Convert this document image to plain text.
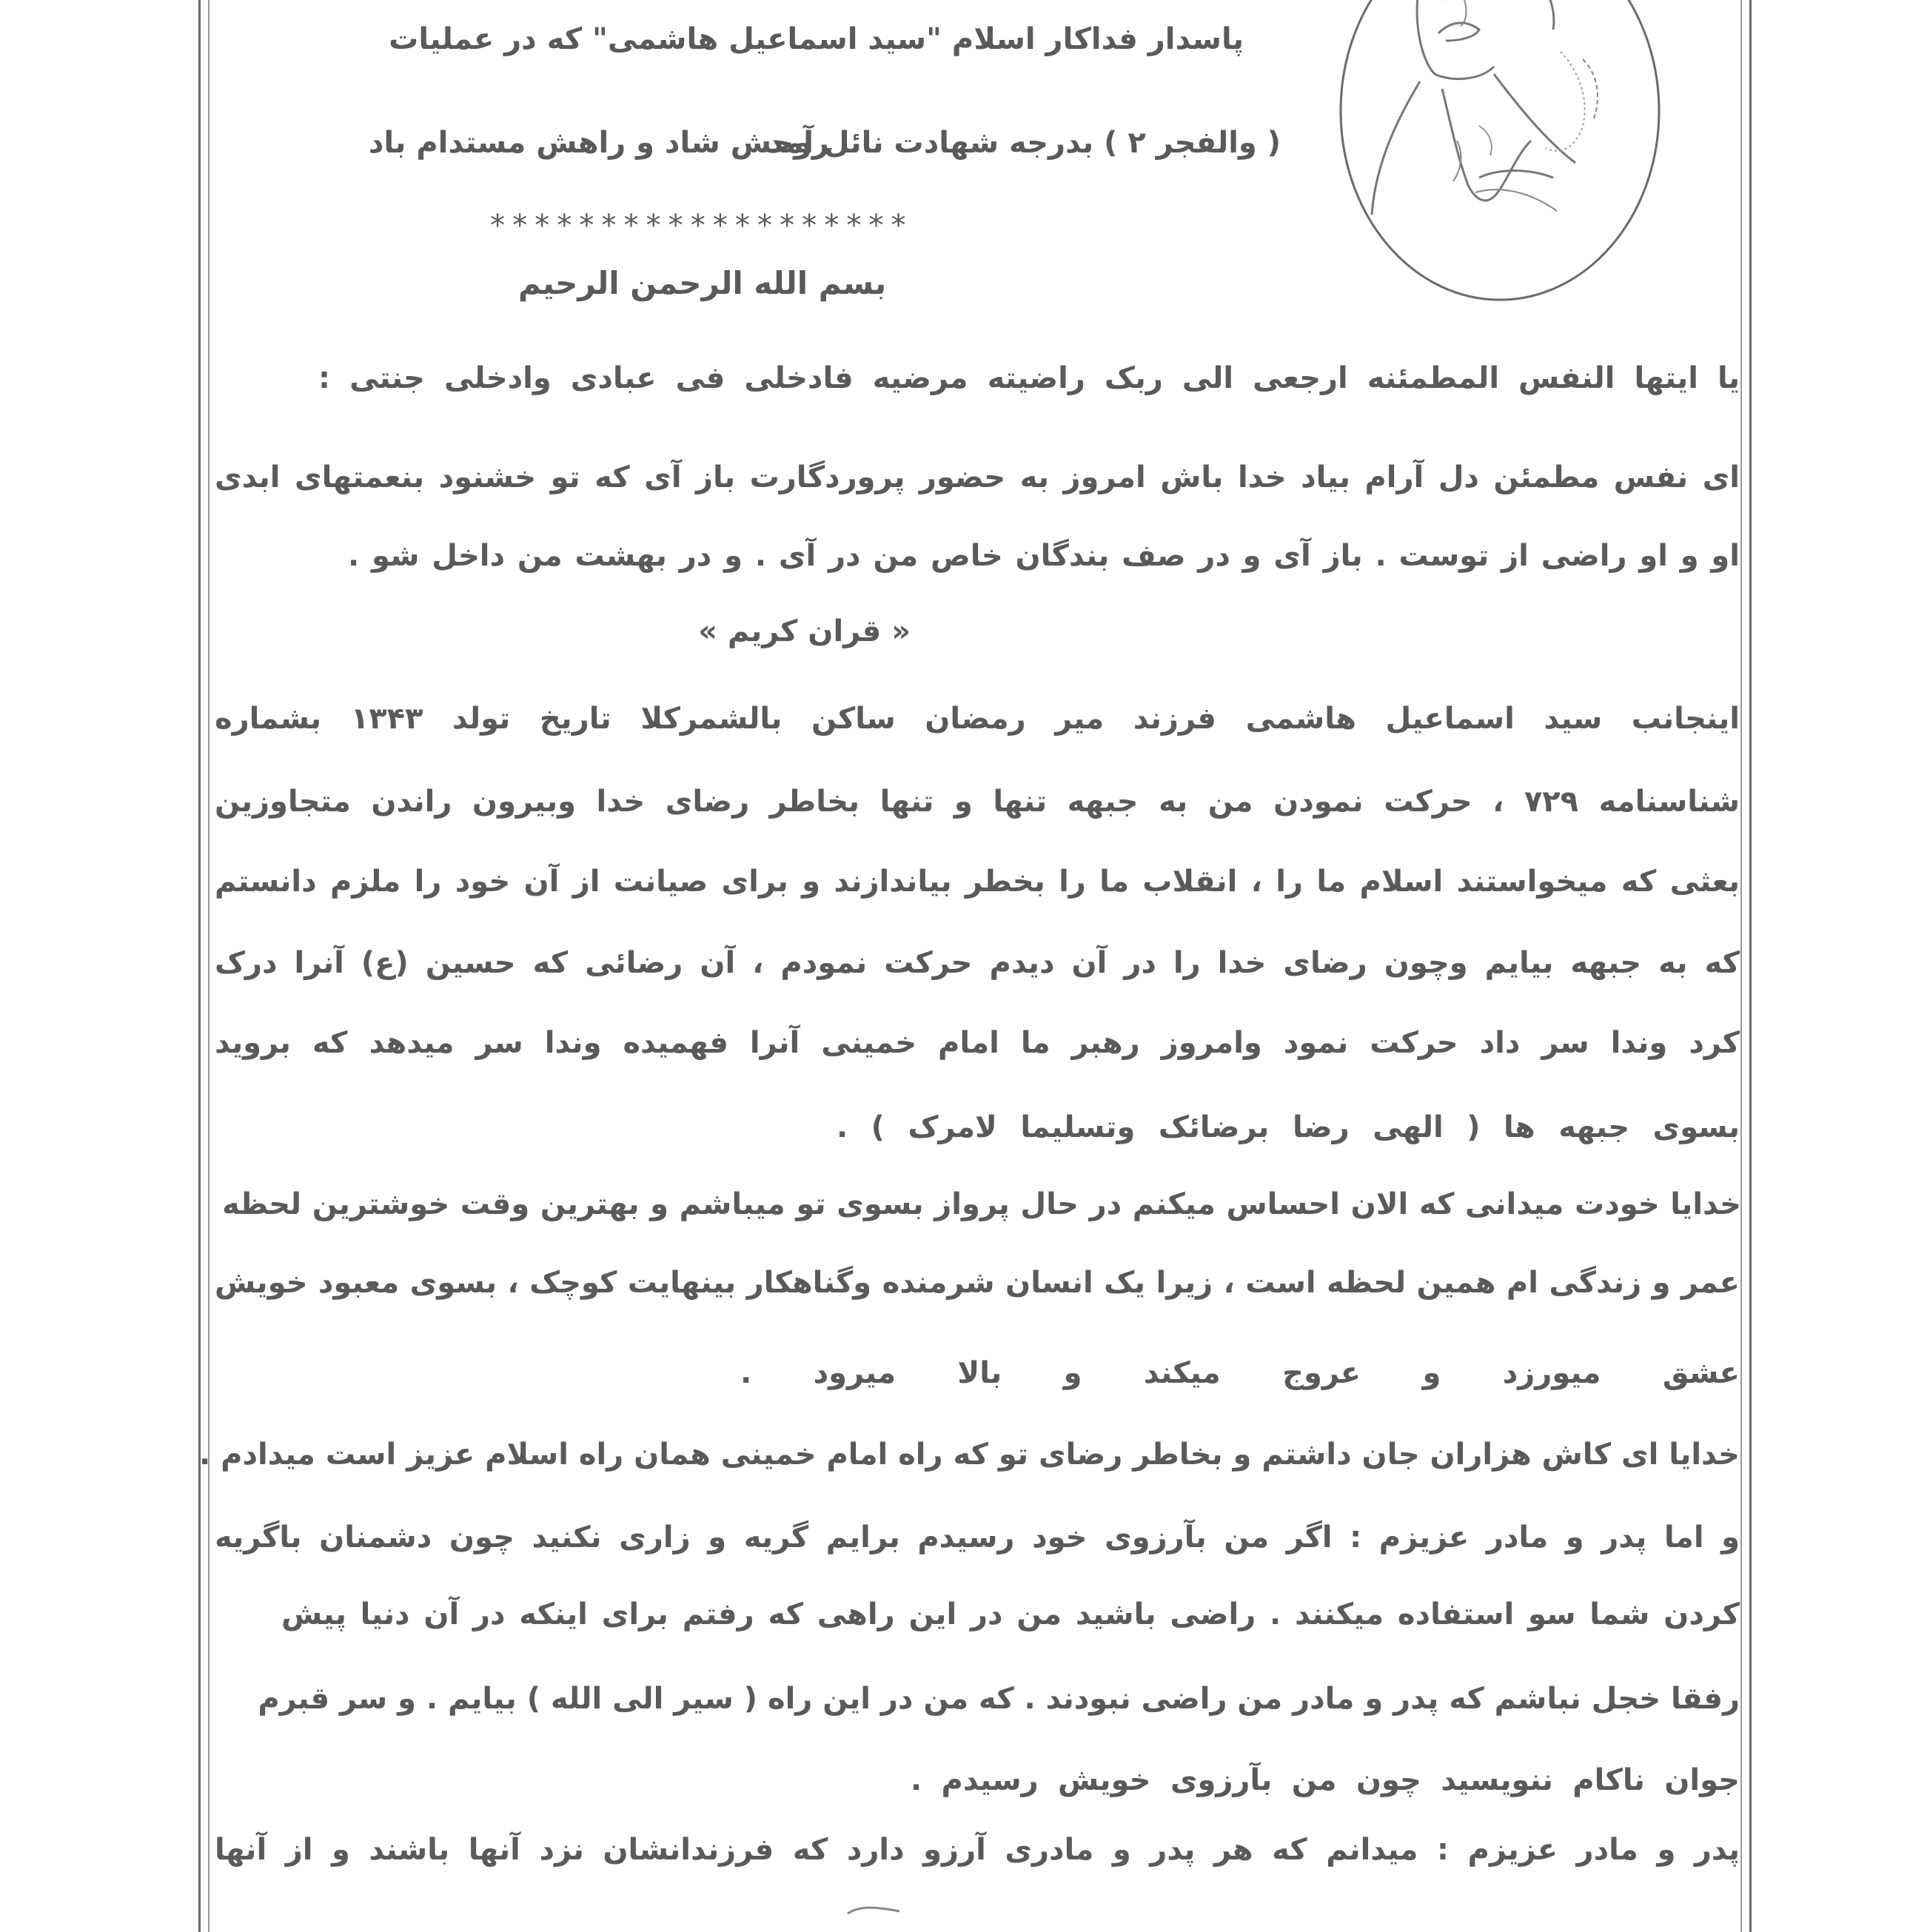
پاسدار فداکار اسلام "سید اسماعیل هاشمی" که در عملیات
( والفجر ۲ ) بدرجه شهادت نائل آمد
روحش شاد و راهش مستدام باد
*******************
بسم الله الرحمن الرحیم
یا ایتها النفس المطمئنه ارجعی الی ربک راضیته مرضیه فادخلی فی عبادی وادخلی جنتی :
ای نفس مطمئن دل آرام بیاد خدا باش امروز به حضور پروردگارت باز آی که تو خشنود بنعمتهای ابدی
او و او راضی از توست . باز آی و در صف بندگان خاص من در آی . و در بهشت من داخل شو .
« قران کریم »
اینجانب سید اسماعیل هاشمی فرزند میر رمضان ساکن بالشمرکلا تاریخ تولد ۱۳۴۳ بشماره
شناسنامه ۷۲۹ ، حرکت نمودن من به جبهه تنها و تنها بخاطر رضای خدا وبیرون راندن متجاوزین
بعثی که میخواستند اسلام ما را ، انقلاب ما را بخطر بیاندازند و برای صیانت از آن خود را ملزم دانستم
که به جبهه بیایم وچون رضای خدا را در آن دیدم حرکت نمودم ، آن رضائی که حسین (ع) آنرا درک
کرد وندا سر داد حرکت نمود وامروز رهبر ما امام خمینی آنرا فهمیده وندا سر میدهد که بروید
بسوی جبهه ها ( الهی رضا برضائک وتسلیما لامرک ) .
خدایا خودت میدانی که الان احساس میکنم در حال پرواز بسوی تو میباشم و بهترین وقت خوشترین لحظه
عمر و زندگی ام همین لحظه است ، زیرا یک انسان شرمنده وگناهکار بینهایت کوچک ، بسوی معبود خویش
عشق میورزد و عروج میکند و بالا میرود .
خدایا ای کاش هزاران جان داشتم و بخاطر رضای تو که راه امام خمینی همان راه اسلام عزیز است میدادم .
و اما پدر و مادر عزیزم : اگر من بآرزوی خود رسیدم برایم گریه و زاری نکنید چون دشمنان باگریه
کردن شما سو استفاده میکنند . راضی باشید من در این راهی که رفتم برای اینکه در آن دنیا پیش
رفقا خجل نباشم که پدر و مادر من راضی نبودند . که من در این راه ( سیر الی الله ) بیایم . و سر قبرم
جوان ناکام ننویسید چون من بآرزوی خویش رسیدم .
پدر و مادر عزیزم : میدانم که هر پدر و مادری آرزو دارد که فرزندانشان نزد آنها باشند و از آنها
